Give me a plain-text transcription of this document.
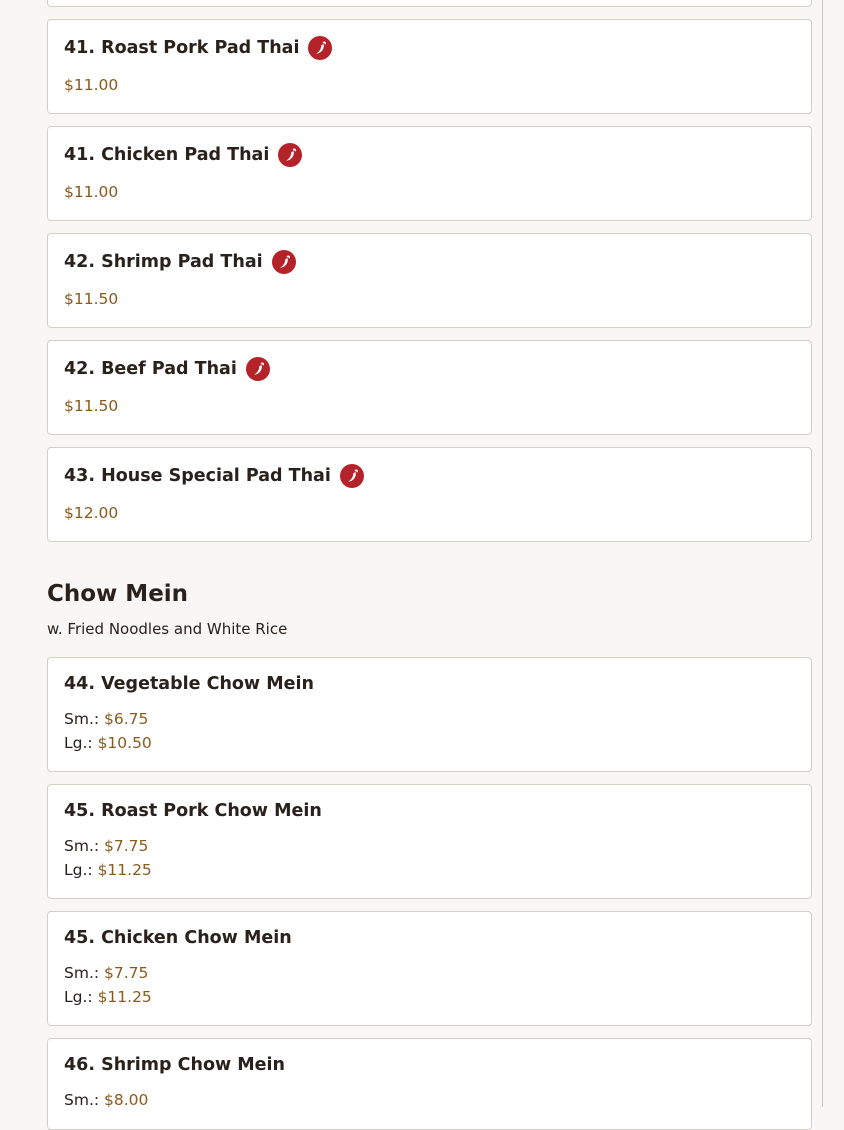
41. Roast Pork Pad Thai
$11.00
41. Chicken Pad Thai
$11.00
42. Shrimp Pad Thai
$11.50
42. Beef Pad Thai
$11.50
43. House Special Pad Thai
$12.00
Chow Mein
w. Fried Noodles and White Rice
44. Vegetable Chow Mein
Sm.: $6.75
Lg.: $10.50
45. Roast Pork Chow Mein
Sm.: $7.75
Lg.: $11.25
45. Chicken Chow Mein
Sm.: $7.75
Lg.: $11.25
46. Shrimp Chow Mein
Sm.: $8.00
